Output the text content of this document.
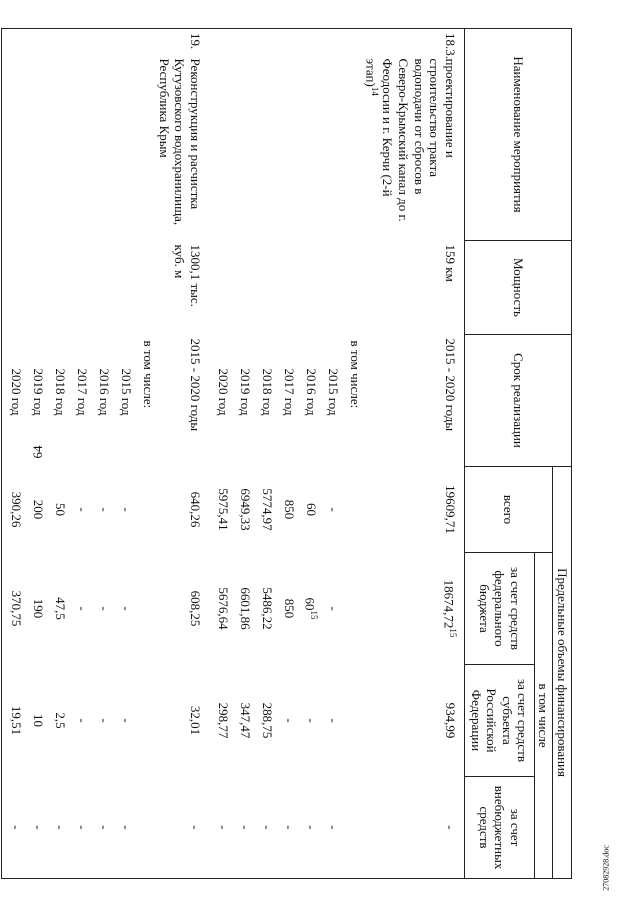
64
27082928.doc
Наименование мероприятия		Мощность	Срок реализации	Предельные объемы финансирования			
				всего	в том числе		
					за счет средств федерального бюджета	за счет средств субъекта Российской Федерации	за счет внебюджетных средств
18.3.	проектирование и строительство тракта водоподачи от сбросов в Северо-Крымский канал до г. Феодосии и г. Керчи (2-й этап)$^{14}$	159 км	2015 - 2020 годы	19609,71	18674,72$^{15}$	934,99	-
			в том числе:				
			2015 год	-	-	-	-
			2016 год	60	$60^{15}$	-	-
			2017 год	850	850	-	-
			2018 год	5774,97	5486,22	288,75	-
			2019 год	6949,33	6601,86	347,47	-
			2020 год	5975,41	5676,64	298,77	-
19.	Реконструкция и расчистка Кутузовского водохранилища, Республика Крым	1300,1 тыс. куб. м	2015 - 2020 годы	640,26	608,25	32,01	-
			в том числе:				
			2015 год	-	-	-	-
			2016 год	-	-	-	-
			2017 год	-	-	-	-
			2018 год	50	47,5	2,5	-
			2019 год	200	190	10	-
			2020 год	390,26	370,75	19,51	-
